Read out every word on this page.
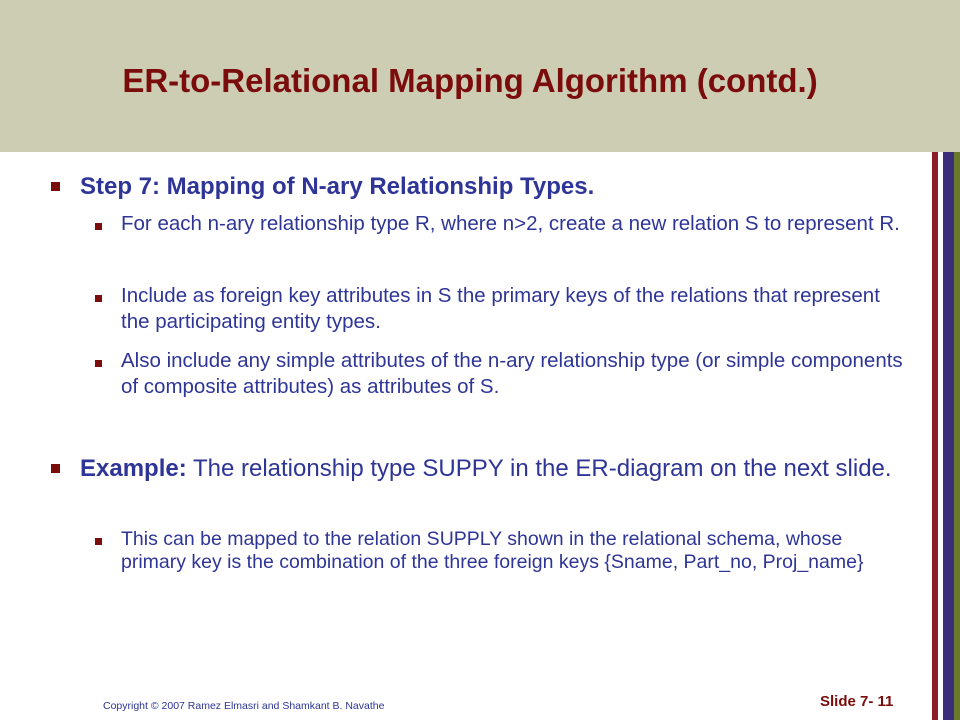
ER-to-Relational Mapping Algorithm (contd.)
Step 7: Mapping of N-ary Relationship Types.
For each n-ary relationship type R, where n>2, create a new relation S to represent R.
Include as foreign key attributes in S the primary keys of the relations that represent the participating entity types.
Also include any simple attributes of the n-ary relationship type (or simple components of composite attributes) as attributes of S.
Example: The relationship type SUPPY in the ER-diagram on the next slide.
This can be mapped to the relation SUPPLY shown in the relational schema, whose primary key is the combination of the three foreign keys {Sname, Part_no, Proj_name}
Copyright © 2007 Ramez Elmasri and Shamkant B. Navathe	Slide 7- 11
